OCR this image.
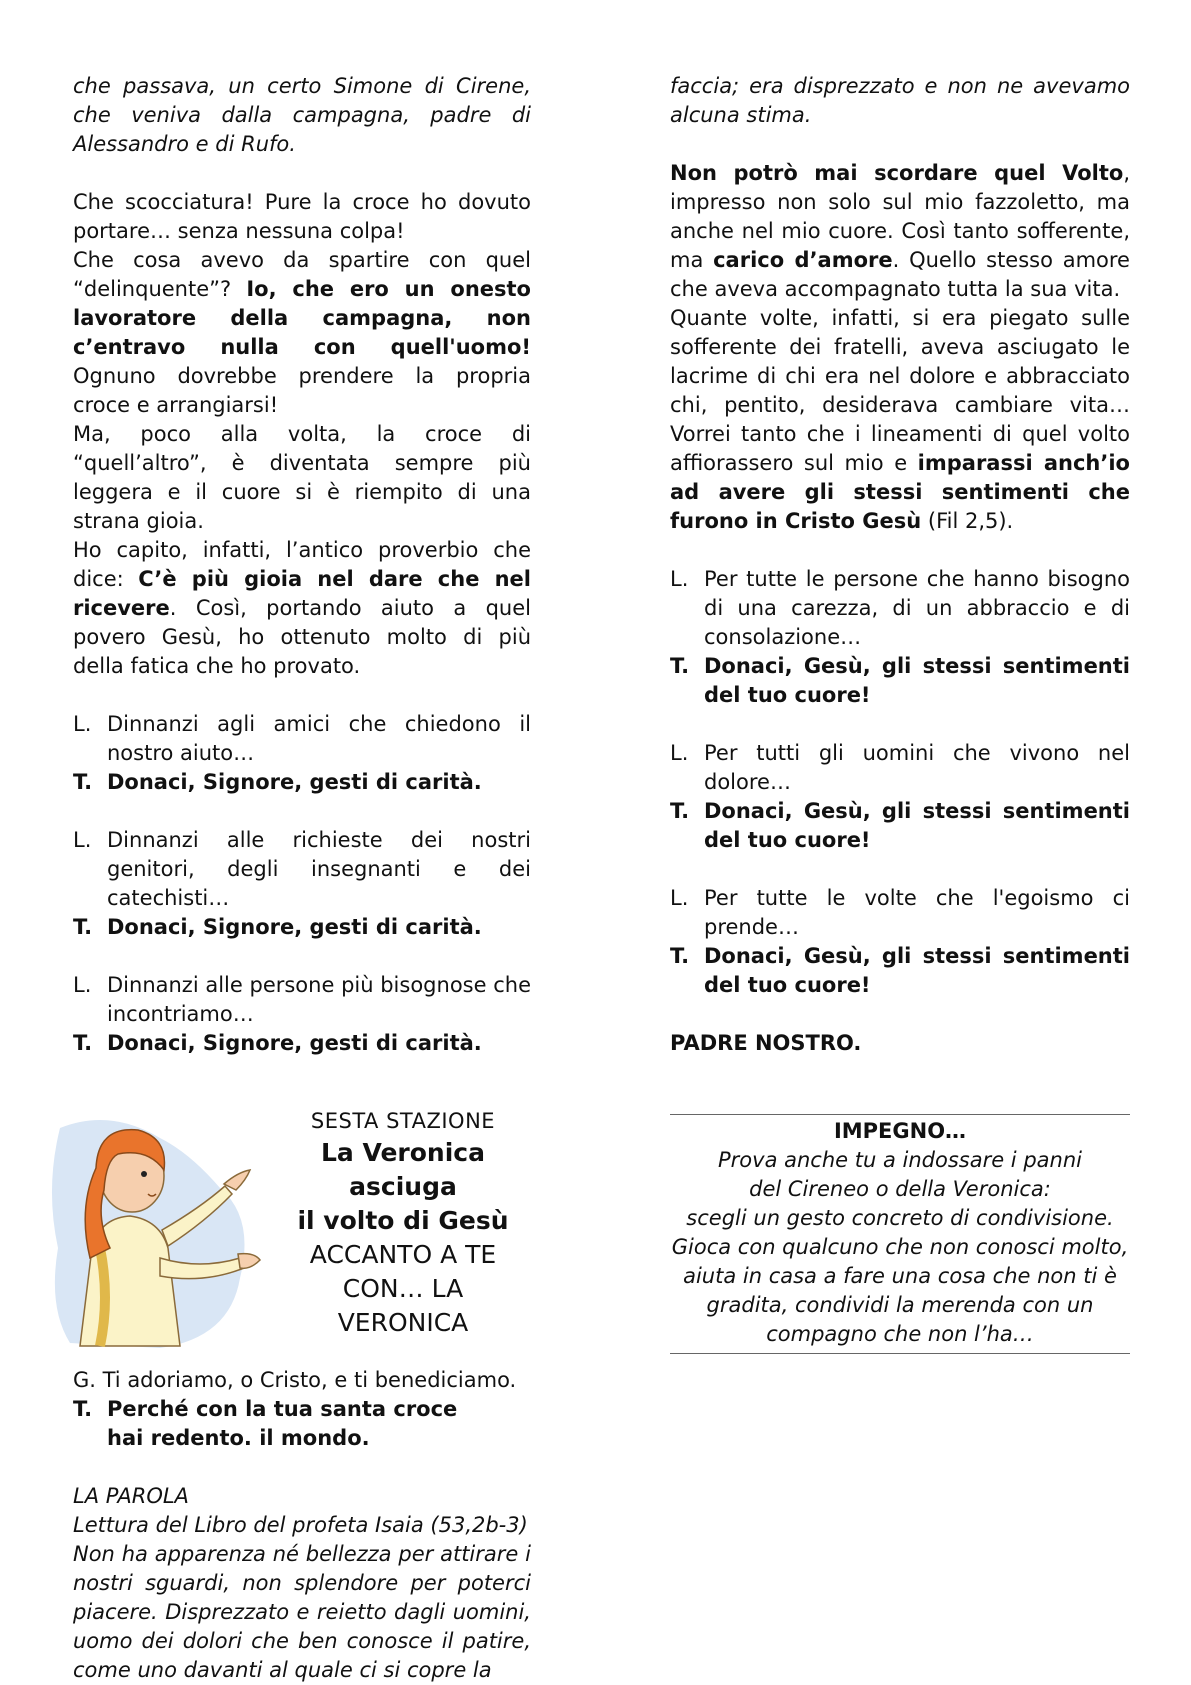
che passava, un certo Simone di Cirene, che veniva dalla campagna, padre di Alessandro e di Rufo.

Che scocciatura! Pure la croce ho dovuto portare… senza nessuna colpa!

Che cosa avevo da spartire con quel “delinquente”? Io, che ero un onesto lavoratore della campagna, non c’entravo nulla con quell'uomo! Ognuno dovrebbe prendere la propria croce e arrangiarsi!

Ma, poco alla volta, la croce di “quell’altro”, è diventata sempre più leggera e il cuore si è riempito di una strana gioia.

Ho capito, infatti, l’antico proverbio che dice: C’è più gioia nel dare che nel ricevere. Così, portando aiuto a quel povero Gesù, ho ottenuto molto di più della fatica che ho provato.

L. Dinnanzi agli amici che chiedono il nostro aiuto…
T. Donaci, Signore, gesti di carità.
L. Dinnanzi alle richieste dei nostri genitori, degli insegnanti e dei catechisti…
T. Donaci, Signore, gesti di carità.
L. Dinnanzi alle persone più bisognose che incontriamo…
T. Donaci, Signore, gesti di carità.
SESTA STAZIONE
La Veronica asciuga
il volto di Gesù
ACCANTO A TE
CON… LA
VERONICA

G. Ti adoriamo, o Cristo, e ti benediciamo.

T. Perché con la tua santa croce
hai redento. il mondo.

LA PAROLA

Lettura del Libro del profeta Isaia (53,2b-3)

Non ha apparenza né bellezza per attirare i nostri sguardi, non splendore per poterci piacere. Disprezzato e reietto dagli uomini, uomo dei dolori che ben conosce il patire, come uno davanti al quale ci si copre la

faccia; era disprezzato e non ne avevamo alcuna stima.

Non potrò mai scordare quel Volto, impresso non solo sul mio fazzoletto, ma anche nel mio cuore. Così tanto sofferente, ma carico d’amore. Quello stesso amore che aveva accompagnato tutta la sua vita.

Quante volte, infatti, si era piegato sulle sofferente dei fratelli, aveva asciugato le lacrime di chi era nel dolore e abbracciato chi, pentito, desiderava cambiare vita… Vorrei tanto che i lineamenti di quel volto affiorassero sul mio e imparassi anch’io ad avere gli stessi sentimenti che furono in Cristo Gesù (Fil 2,5).

L. Per tutte le persone che hanno bisogno di una carezza, di un abbraccio e di consolazione…
T. Donaci, Gesù, gli stessi sentimenti del tuo cuore!
L. Per tutti gli uomini che vivono nel dolore…
T. Donaci, Gesù, gli stessi sentimenti del tuo cuore!
L. Per tutte le volte che l'egoismo ci prende…
T. Donaci, Gesù, gli stessi sentimenti del tuo cuore!

PADRE NOSTRO.

IMPEGNO…
Prova anche tu a indossare i panni
del Cireneo o della Veronica:
scegli un gesto concreto di condivisione.
Gioca con qualcuno che non conosci molto,
aiuta in casa a fare una cosa che non ti è
gradita, condividi la merenda con un
compagno che non l’ha…
